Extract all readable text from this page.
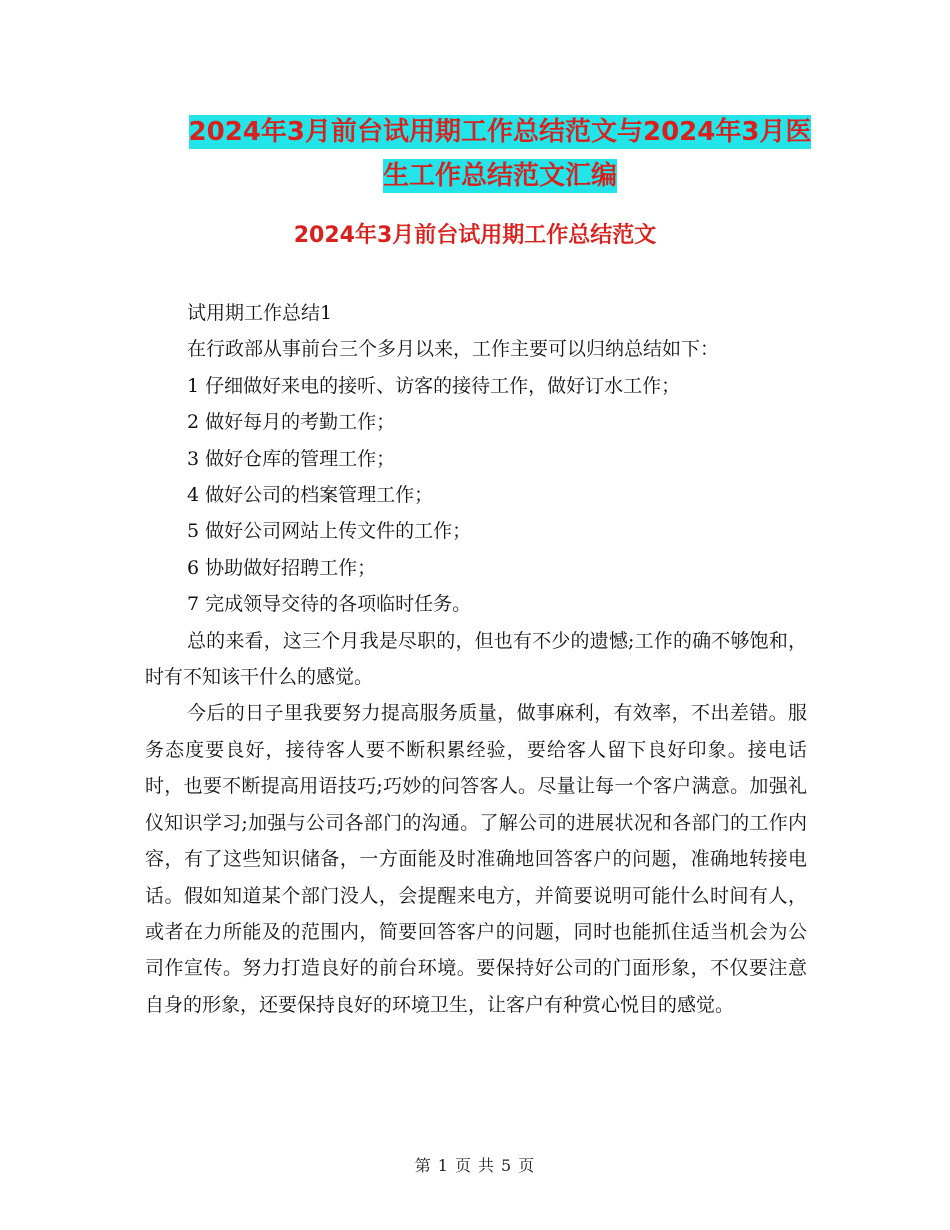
2024年3月前台试用期工作总结范文与2024年3月医
生工作总结范文汇编
2024年3月前台试用期工作总结范文
试用期工作总结1
在行政部从事前台三个多月以来，工作主要可以归纳总结如下：
1 仔细做好来电的接听、访客的接待工作，做好订水工作；
2 做好每月的考勤工作；
3 做好仓库的管理工作；
4 做好公司的档案管理工作；
5 做好公司网站上传文件的工作；
6 协助做好招聘工作；
7 完成领导交待的各项临时任务。
总的来看，这三个月我是尽职的，但也有不少的遗憾;工作的确不够饱和，时有不知该干什么的感觉。
今后的日子里我要努力提高服务质量，做事麻利，有效率，不出差错。服务态度要良好，接待客人要不断积累经验，要给客人留下良好印象。接电话时，也要不断提高用语技巧;巧妙的问答客人。尽量让每一个客户满意。加强礼仪知识学习;加强与公司各部门的沟通。了解公司的进展状况和各部门的工作内容，有了这些知识储备，一方面能及时准确地回答客户的问题，准确地转接电话。假如知道某个部门没人，会提醒来电方，并简要说明可能什么时间有人，或者在力所能及的范围内，简要回答客户的问题，同时也能抓住适当机会为公司作宣传。努力打造良好的前台环境。要保持好公司的门面形象，不仅要注意自身的形象，还要保持良好的环境卫生，让客户有种赏心悦目的感觉。
第 1 页 共 5 页
